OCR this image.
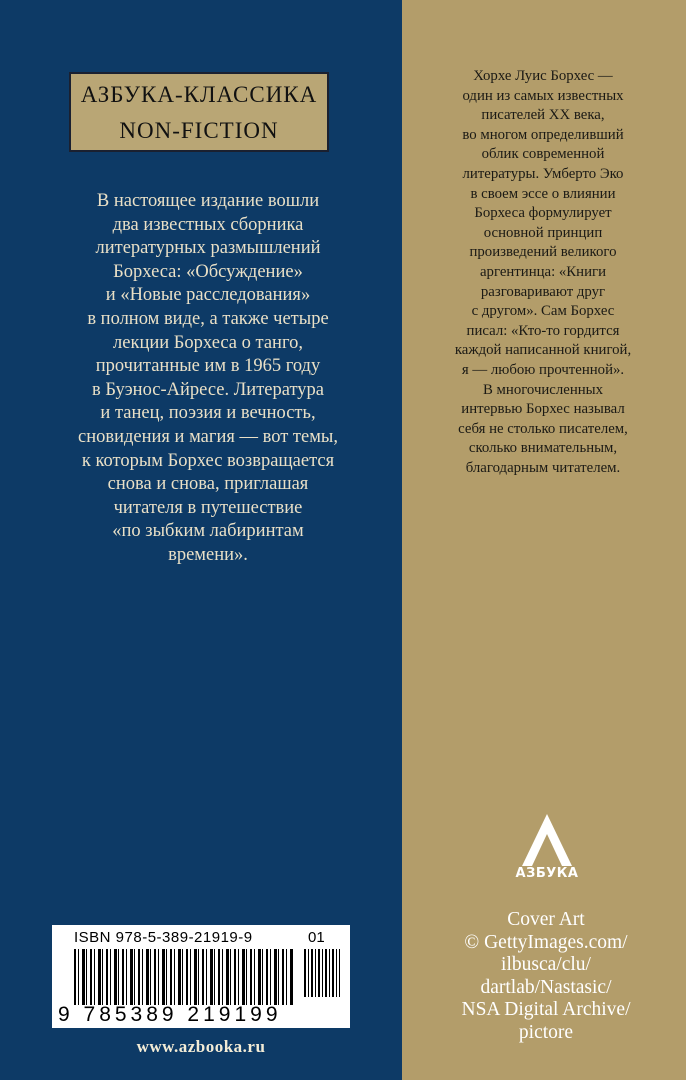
АЗБУКА-КЛАССИКА
NON-FICTION
В настоящее издание вошли
два известных сборника
литературных размышлений
Борхеса: «Обсуждение»
и «Новые расследования»
в полном виде, а также четыре
лекции Борхеса о танго,
прочитанные им в 1965 году
в Буэнос-Айресе. Литература
и танец, поэзия и вечность,
сновидения и магия — вот темы,
к которым Борхес возвращается
снова и снова, приглашая
читателя в путешествие
«по зыбким лабиринтам
времени».
Хорхе Луис Борхес —
один из самых известных
писателей XX века,
во многом определивший
облик современной
литературы. Умберто Эко
в своем эссе о влиянии
Борхеса формулирует
основной принцип
произведений великого
аргентинца: «Книги
разговаривают друг
с другом». Сам Борхес
писал: «Кто-то гордится
каждой написанной книгой,
я — любою прочтенной».
В многочисленных
интервью Борхес называл
себя не столько писателем,
сколько внимательным,
благодарным читателем.
АЗБУКА
Cover Art
© GettyImages.com/
ilbusca/clu/
dartlab/Nastasic/
NSA Digital Archive/
pictore
ISBN 978-5-389-21919-9	01
9 785389 219199
www.azbooka.ru
